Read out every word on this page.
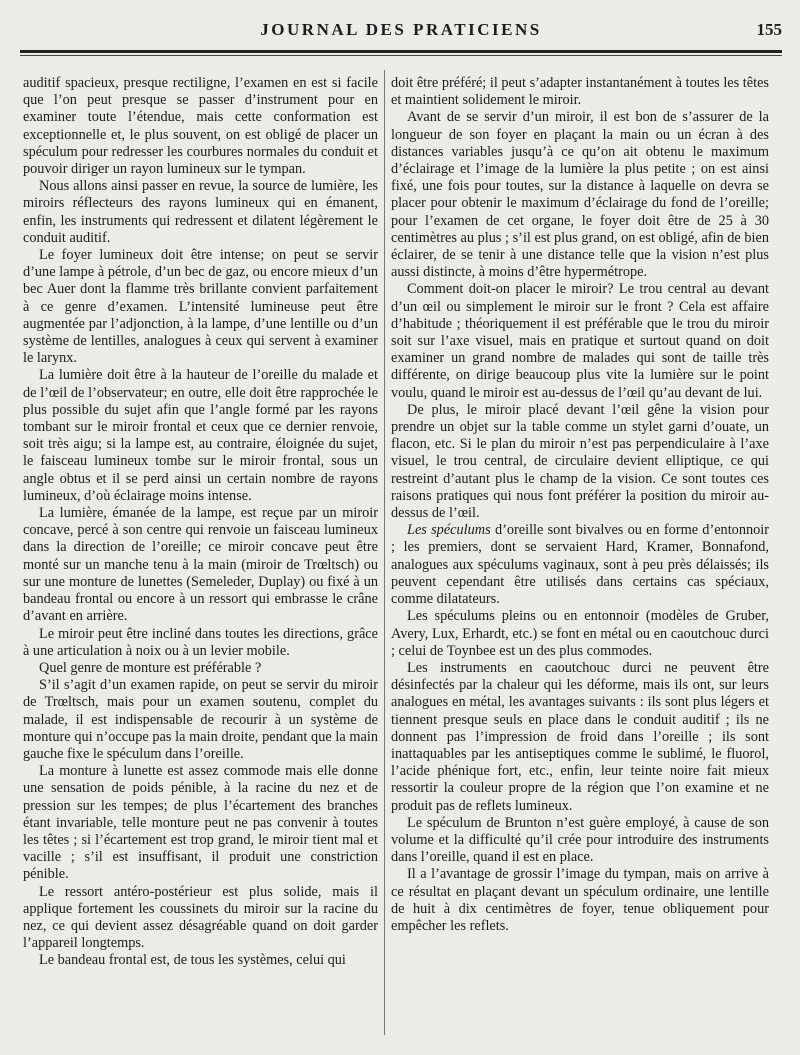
JOURNAL DES PRATICIENS	155

auditif spacieux, presque rectiligne, l’examen en est si facile que l’on peut presque se passer d’instrument pour en examiner toute l’étendue, mais cette conformation est exceptionnelle et, le plus souvent, on est obligé de placer un spéculum pour redresser les courbures normales du conduit et pouvoir diriger un rayon lumineux sur le tympan.

Nous allons ainsi passer en revue, la source de lumière, les miroirs réflecteurs des rayons lumineux qui en émanent, enfin, les instruments qui redressent et dilatent légèrement le conduit auditif.

Le foyer lumineux doit être intense; on peut se servir d’une lampe à pétrole, d’un bec de gaz, ou encore mieux d’un bec Auer dont la flamme très brillante convient parfaitement à ce genre d’examen. L’intensité lumineuse peut être augmentée par l’adjonction, à la lampe, d’une lentille ou d’un système de lentilles, analogues à ceux qui servent à examiner le larynx.

La lumière doit être à la hauteur de l’oreille du malade et de l’œil de l’observateur; en outre, elle doit être rapprochée le plus possible du sujet afin que l’angle formé par les rayons tombant sur le miroir frontal et ceux que ce dernier renvoie, soit très aigu; si la lampe est, au contraire, éloignée du sujet, le faisceau lumineux tombe sur le miroir frontal, sous un angle obtus et il se perd ainsi un certain nombre de rayons lumineux, d’où éclairage moins intense.

La lumière, émanée de la lampe, est reçue par un miroir concave, percé à son centre qui renvoie un faisceau lumineux dans la direction de l’oreille; ce miroir concave peut être monté sur un manche tenu à la main (miroir de Trœltsch) ou sur une monture de lunettes (Semeleder, Duplay) ou fixé à un bandeau frontal ou encore à un ressort qui embrasse le crâne d’avant en arrière.

Le miroir peut être incliné dans toutes les directions, grâce à une articulation à noix ou à un levier mobile.

Quel genre de monture est préférable ?

S’il s’agit d’un examen rapide, on peut se servir du miroir de Trœltsch, mais pour un examen soutenu, complet du malade, il est indispensable de recourir à un système de monture qui n’occupe pas la main droite, pendant que la main gauche fixe le spéculum dans l’oreille.

La monture à lunette est assez commode mais elle donne une sensation de poids pénible, à la racine du nez et de pression sur les tempes; de plus l’écartement des branches étant invariable, telle monture peut ne pas convenir à toutes les têtes ; si l’écartement est trop grand, le miroir tient mal et vacille ; s’il est insuffisant, il produit une constriction pénible.

Le ressort antéro-postérieur est plus solide, mais il applique fortement les coussinets du miroir sur la racine du nez, ce qui devient assez désagréable quand on doit garder l’appareil longtemps.

Le bandeau frontal est, de tous les systèmes, celui qui

doit être préféré; il peut s’adapter instantanément à toutes les têtes et maintient solidement le miroir.

Avant de se servir d’un miroir, il est bon de s’assurer de la longueur de son foyer en plaçant la main ou un écran à des distances variables jusqu’à ce qu’on ait obtenu le maximum d’éclairage et l’image de la lumière la plus petite ; on est ainsi fixé, une fois pour toutes, sur la distance à laquelle on devra se placer pour obtenir le maximum d’éclairage du fond de l’oreille; pour l’examen de cet organe, le foyer doit être de 25 à 30 centimètres au plus ; s’il est plus grand, on est obligé, afin de bien éclairer, de se tenir à une distance telle que la vision n’est plus aussi distincte, à moins d’être hypermétrope.

Comment doit-on placer le miroir? Le trou central au devant d’un œil ou simplement le miroir sur le front ? Cela est affaire d’habitude ; théoriquement il est préférable que le trou du miroir soit sur l’axe visuel, mais en pratique et surtout quand on doit examiner un grand nombre de malades qui sont de taille très différente, on dirige beaucoup plus vite la lumière sur le point voulu, quand le miroir est au-dessus de l’œil qu’au devant de lui.

De plus, le miroir placé devant l’œil gêne la vision pour prendre un objet sur la table comme un stylet garni d’ouate, un flacon, etc. Si le plan du miroir n’est pas perpendiculaire à l’axe visuel, le trou central, de circulaire devient elliptique, ce qui restreint d’autant plus le champ de la vision. Ce sont toutes ces raisons pratiques qui nous font préférer la position du miroir au-dessus de l’œil.

Les spéculums d’oreille sont bivalves ou en forme d’entonnoir ; les premiers, dont se servaient Hard, Kramer, Bonnafond, analogues aux spéculums vaginaux, sont à peu près délaissés; ils peuvent cependant être utilisés dans certains cas spéciaux, comme dilatateurs.

Les spéculums pleins ou en entonnoir (modèles de Gruber, Avery, Lux, Erhardt, etc.) se font en métal ou en caoutchouc durci ; celui de Toynbee est un des plus commodes.

Les instruments en caoutchouc durci ne peuvent être désinfectés par la chaleur qui les déforme, mais ils ont, sur leurs analogues en métal, les avantages suivants : ils sont plus légers et tiennent presque seuls en place dans le conduit auditif ; ils ne donnent pas l’impression de froid dans l’oreille ; ils sont inattaquables par les antiseptiques comme le sublimé, le fluorol, l’acide phénique fort, etc., enfin, leur teinte noire fait mieux ressortir la couleur propre de la région que l’on examine et ne produit pas de reflets lumineux.

Le spéculum de Brunton n’est guère employé, à cause de son volume et la difficulté qu’il crée pour introduire des instruments dans l’oreille, quand il est en place.

Il a l’avantage de grossir l’image du tympan, mais on arrive à ce résultat en plaçant devant un spéculum ordinaire, une lentille de huit à dix centimètres de foyer, tenue obliquement pour empêcher les reflets.
